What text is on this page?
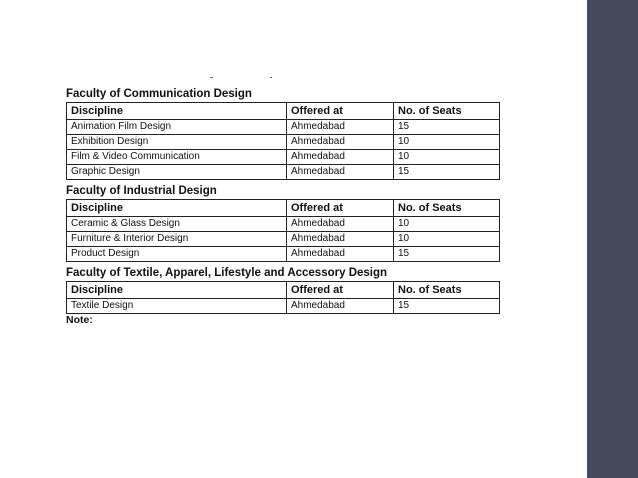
Faculty of Communication Design
Discipline	Offered at	No. of Seats
Animation Film Design	Ahmedabad	15
Exhibition Design	Ahmedabad	10
Film & Video Communication	Ahmedabad	10
Graphic Design	Ahmedabad	15
Faculty of Industrial Design
Discipline	Offered at	No. of Seats
Ceramic & Glass Design	Ahmedabad	10
Furniture & Interior Design	Ahmedabad	10
Product Design	Ahmedabad	15
Faculty of Textile, Apparel, Lifestyle and Accessory Design
Discipline	Offered at	No. of Seats
Textile Design	Ahmedabad	15
Note:
